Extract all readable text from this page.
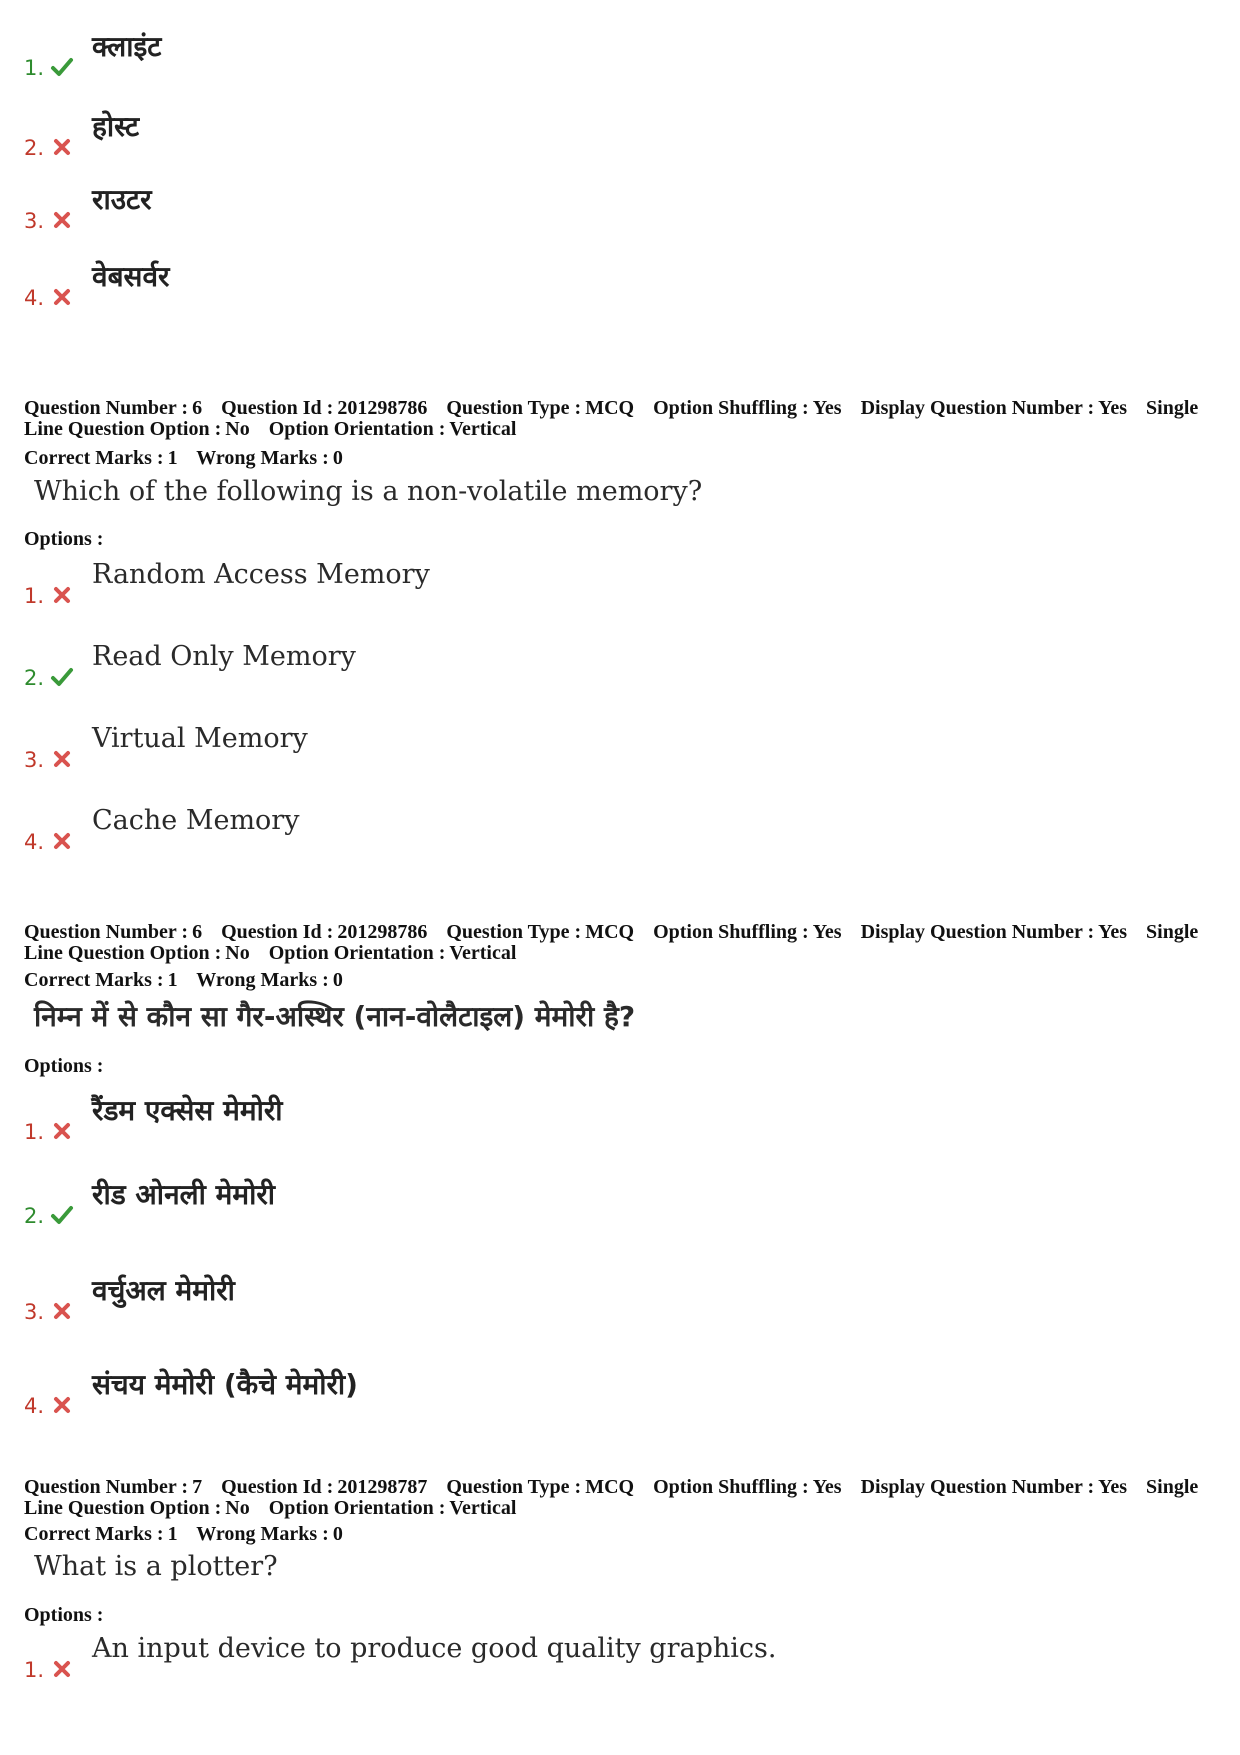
1.
क्लाइंट
2.
होस्ट
3.
राउटर
4.
वेबसर्वर
Question Number : 6 Question Id : 201298786 Question Type : MCQ Option Shuffling : Yes Display Question Number : Yes Single Line Question Option : No Option Orientation : Vertical
Correct Marks : 1 Wrong Marks : 0
Which of the following is a non-volatile memory?
Options :
1.
Random Access Memory
2.
Read Only Memory
3.
Virtual Memory
4.
Cache Memory
Question Number : 6 Question Id : 201298786 Question Type : MCQ Option Shuffling : Yes Display Question Number : Yes Single Line Question Option : No Option Orientation : Vertical
Correct Marks : 1 Wrong Marks : 0
निम्न में से कौन सा गैर-अस्थिर (नान-वोलैटाइल) मेमोरी है?
Options :
1.
रैंडम एक्सेस मेमोरी
2.
रीड ओनली मेमोरी
3.
वर्चुअल मेमोरी
4.
संचय मेमोरी (कैचे मेमोरी)
Question Number : 7 Question Id : 201298787 Question Type : MCQ Option Shuffling : Yes Display Question Number : Yes Single Line Question Option : No Option Orientation : Vertical
Correct Marks : 1 Wrong Marks : 0
What is a plotter?
Options :
1.
An input device to produce good quality graphics.
